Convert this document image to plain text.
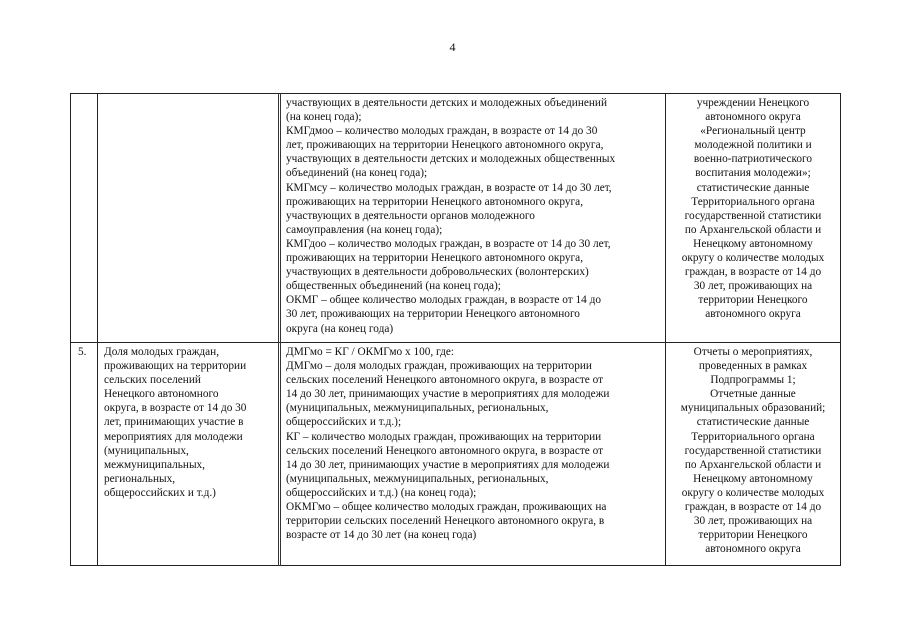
4
участвующих в деятельности детских и молодежных объединений
(на конец года);
КМГдмоо – количество молодых граждан, в возрасте от 14 до 30
лет, проживающих на территории Ненецкого автономного округа,
участвующих в деятельности детских и молодежных общественных
объединений (на конец года);
КМГмсу – количество молодых граждан, в возрасте от 14 до 30 лет,
проживающих на территории Ненецкого автономного округа,
участвующих в деятельности органов молодежного
самоуправления (на конец года);
КМГдоо – количество молодых граждан, в возрасте от 14 до 30 лет,
проживающих на территории Ненецкого автономного округа,
участвующих в деятельности добровольческих (волонтерских)
общественных объединений (на конец года);
ОКМГ – общее количество молодых граждан, в возрасте от 14 до
30 лет, проживающих на территории Ненецкого автономного
округа (на конец года)
учреждении Ненецкого
автономного округа
«Региональный центр
молодежной политики и
военно-патриотического
воспитания молодежи»;
статистические данные
Территориального органа
государственной статистики
по Архангельской области и
Ненецкому автономному
округу о количестве молодых
граждан, в возрасте от 14 до
30 лет, проживающих на
территории Ненецкого
автономного округа
5. Доля молодых граждан,
проживающих на территории
сельских поселений
Ненецкого автономного
округа, в возрасте от 14 до 30
лет, принимающих участие в
мероприятиях для молодежи
(муниципальных,
межмуниципальных,
региональных,
общероссийских и т.д.)
ДМГмо = КГ / ОКМГмо х 100, где:
ДМГмо – доля молодых граждан, проживающих на территории
сельских поселений Ненецкого автономного округа, в возрасте от
14 до 30 лет, принимающих участие в мероприятиях для молодежи
(муниципальных, межмуниципальных, региональных,
общероссийских и т.д.);
КГ – количество молодых граждан, проживающих на территории
сельских поселений Ненецкого автономного округа, в возрасте от
14 до 30 лет, принимающих участие в мероприятиях для молодежи
(муниципальных, межмуниципальных, региональных,
общероссийских и т.д.) (на конец года);
ОКМГмо – общее количество молодых граждан, проживающих на
территории сельских поселений Ненецкого автономного округа, в
возрасте от 14 до 30 лет (на конец года)
Отчеты о мероприятиях,
проведенных в рамках
Подпрограммы 1;
Отчетные данные
муниципальных образований;
статистические данные
Территориального органа
государственной статистики
по Архангельской области и
Ненецкому автономному
округу о количестве молодых
граждан, в возрасте от 14 до
30 лет, проживающих на
территории Ненецкого
автономного округа
